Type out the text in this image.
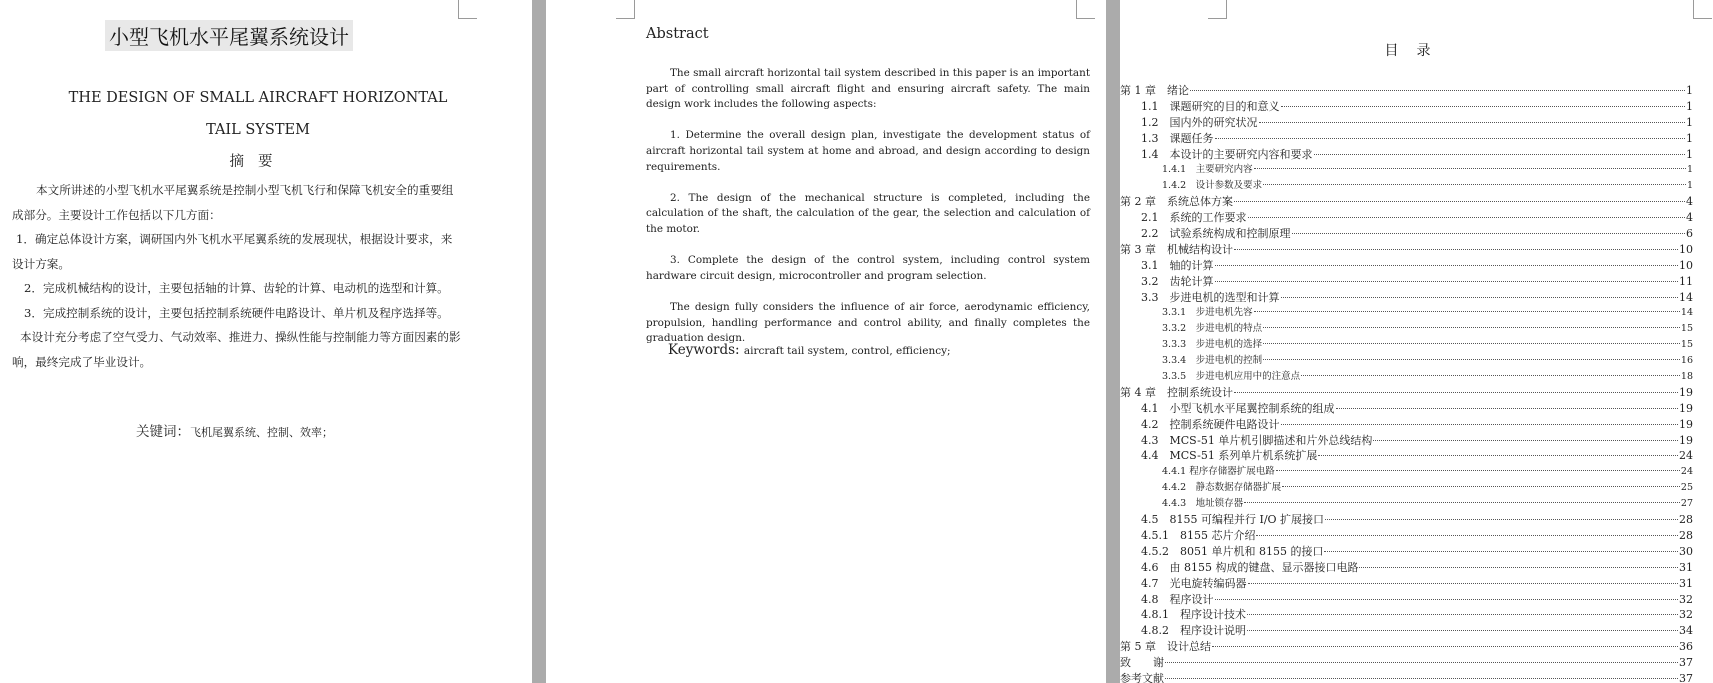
小型飞机水平尾翼系统设计
THE DESIGN OF SMALL AIRCRAFT HORIZONTAL
TAIL SYSTEM
摘要

本文所讲述的小型飞机水平尾翼系统是控制小型飞机飞行和保障飞机安全的重要组成部分。主要设计工作包括以下几方面：

1．确定总体设计方案，调研国内外飞机水平尾翼系统的发展现状，根据设计要求，来设计方案。

2．完成机械结构的设计，主要包括轴的计算、齿轮的计算、电动机的选型和计算。

3．完成控制系统的设计，主要包括控制系统硬件电路设计、单片机及程序选择等。

本设计充分考虑了空气受力、气动效率、推进力、操纵性能与控制能力等方面因素的影响，最终完成了毕业设计。

关键词：飞机尾翼系统、控制、效率；
Abstract

The small aircraft horizontal tail system described in this paper is an important part of controlling small aircraft flight and ensuring aircraft safety. The main design work includes the following aspects:

1. Determine the overall design plan, investigate the development status of aircraft horizontal tail system at home and abroad, and design according to design requirements.

2. The design of the mechanical structure is completed, including the calculation of the shaft, the calculation of the gear, the selection and calculation of the motor.

3. Complete the design of the control system, including control system hardware circuit design, microcontroller and program selection.

The design fully considers the influence of air force, aerodynamic efficiency, propulsion, handling performance and control ability, and finally completes the graduation design.

Keywords: aircraft tail system, control, efficiency;
目录
第 1 章　绪论	1
1.1　课题研究的目的和意义	1
1.2　国内外的研究状况	1
1.3　课题任务	1
1.4　本设计的主要研究内容和要求	1
1.4.1　主要研究内容	1
1.4.2　设计参数及要求	1
第 2 章　系统总体方案	4
2.1　系统的工作要求	4
2.2　试验系统构成和控制原理	6
第 3 章　机械结构设计	10
3.1　轴的计算	10
3.2　齿轮计算	11
3.3　步进电机的选型和计算	14
3.3.1　步进电机先容	14
3.3.2　步进电机的特点	15
3.3.3　步进电机的选择	15
3.3.4　步进电机的控制	16
3.3.5　步进电机应用中的注意点	18
第 4 章　控制系统设计	19
4.1　小型飞机水平尾翼控制系统的组成	19
4.2　控制系统硬件电路设计	19
4.3　MCS-51 单片机引脚描述和片外总线结构	19
4.4　MCS-51 系列单片机系统扩展	24
4.4.1 程序存储器扩展电路	24
4.4.2　静态数据存储器扩展	25
4.4.3　地址锁存器	27
4.5　8155 可编程并行 I/O 扩展接口	28
4.5.1　8155 芯片介绍	28
4.5.2　8051 单片机和 8155 的接口	30
4.6　由 8155 构成的键盘、显示器接口电路	31
4.7　光电旋转编码器	31
4.8　程序设计	32
4.8.1　程序设计技术	32
4.8.2　程序设计说明	34
第 5 章　设计总结	36
致　　谢	37
参考文献	37
